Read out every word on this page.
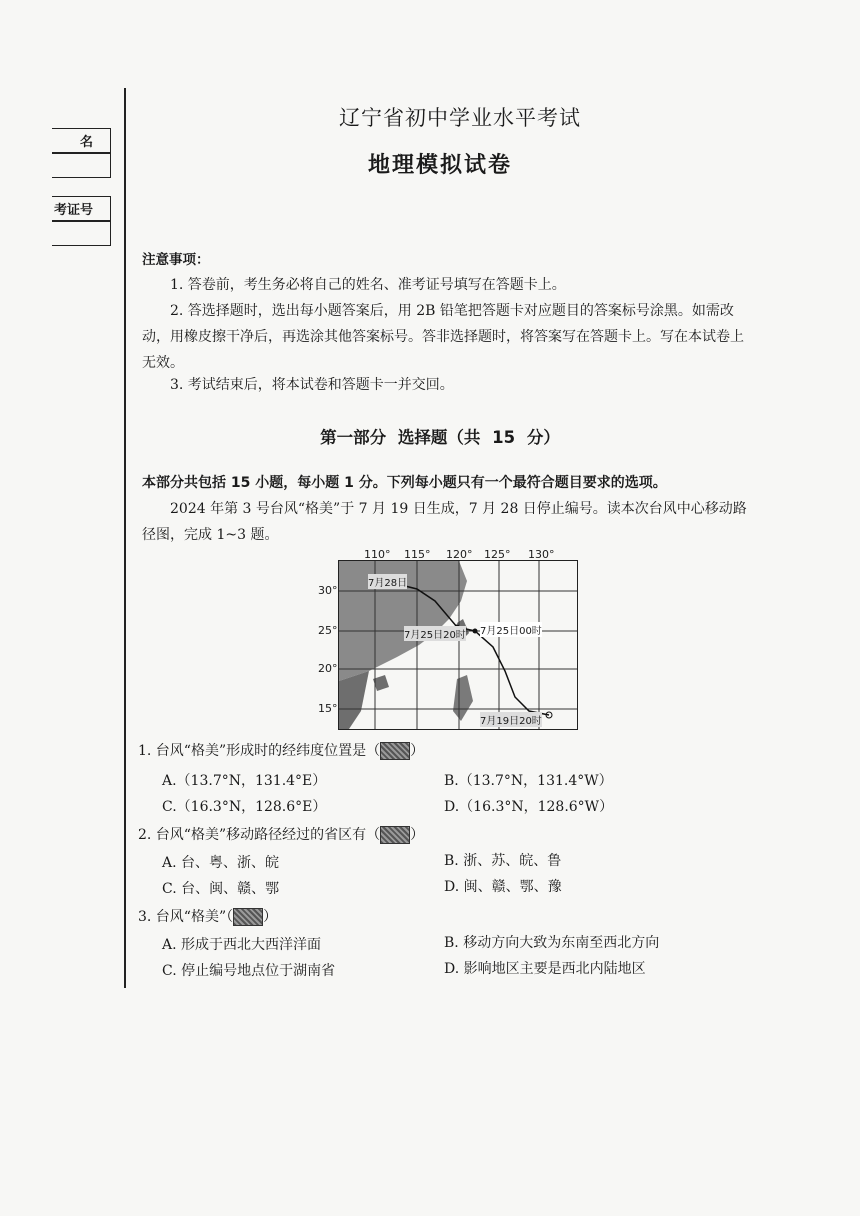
名
考证号
辽宁省初中学业水平考试
地理模拟试卷
注意事项：
1. 答卷前，考生务必将自己的姓名、准考证号填写在答题卡上。
2. 答选择题时，选出每小题答案后，用 2B 铅笔把答题卡对应题目的答案标号涂黑。如需改动，用橡皮擦干净后，再选涂其他答案标号。答非选择题时，将答案写在答题卡上。写在本试卷上无效。
3. 考试结束后，将本试卷和答题卡一并交回。
第一部分 选择题（共 15 分）
本部分共包括 15 小题，每小题 1 分。下列每小题只有一个最符合题目要求的选项。
2024 年第 3 号台风“格美”于 7 月 19 日生成，7 月 28 日停止编号。读本次台风中心移动路径图，完成 1~3 题。
110° 115° 120° 125° 130°
30°
25°
20°
15°
7月28日
7月25日20时 7月25日00时
7月19日20时
1. 台风“格美”形成时的经纬度位置是（ ）
A.（13.7°N，131.4°E）	B.（13.7°N，131.4°W）
C.（16.3°N，128.6°E）	D.（16.3°N，128.6°W）
2. 台风“格美”移动路径经过的省区有（ ）
A. 台、粤、浙、皖	B. 浙、苏、皖、鲁
C. 台、闽、赣、鄂	D. 闽、赣、鄂、豫
3. 台风“格美”（ ）
A. 形成于西北大西洋洋面	B. 移动方向大致为东南至西北方向
C. 停止编号地点位于湖南省	D. 影响地区主要是西北内陆地区
